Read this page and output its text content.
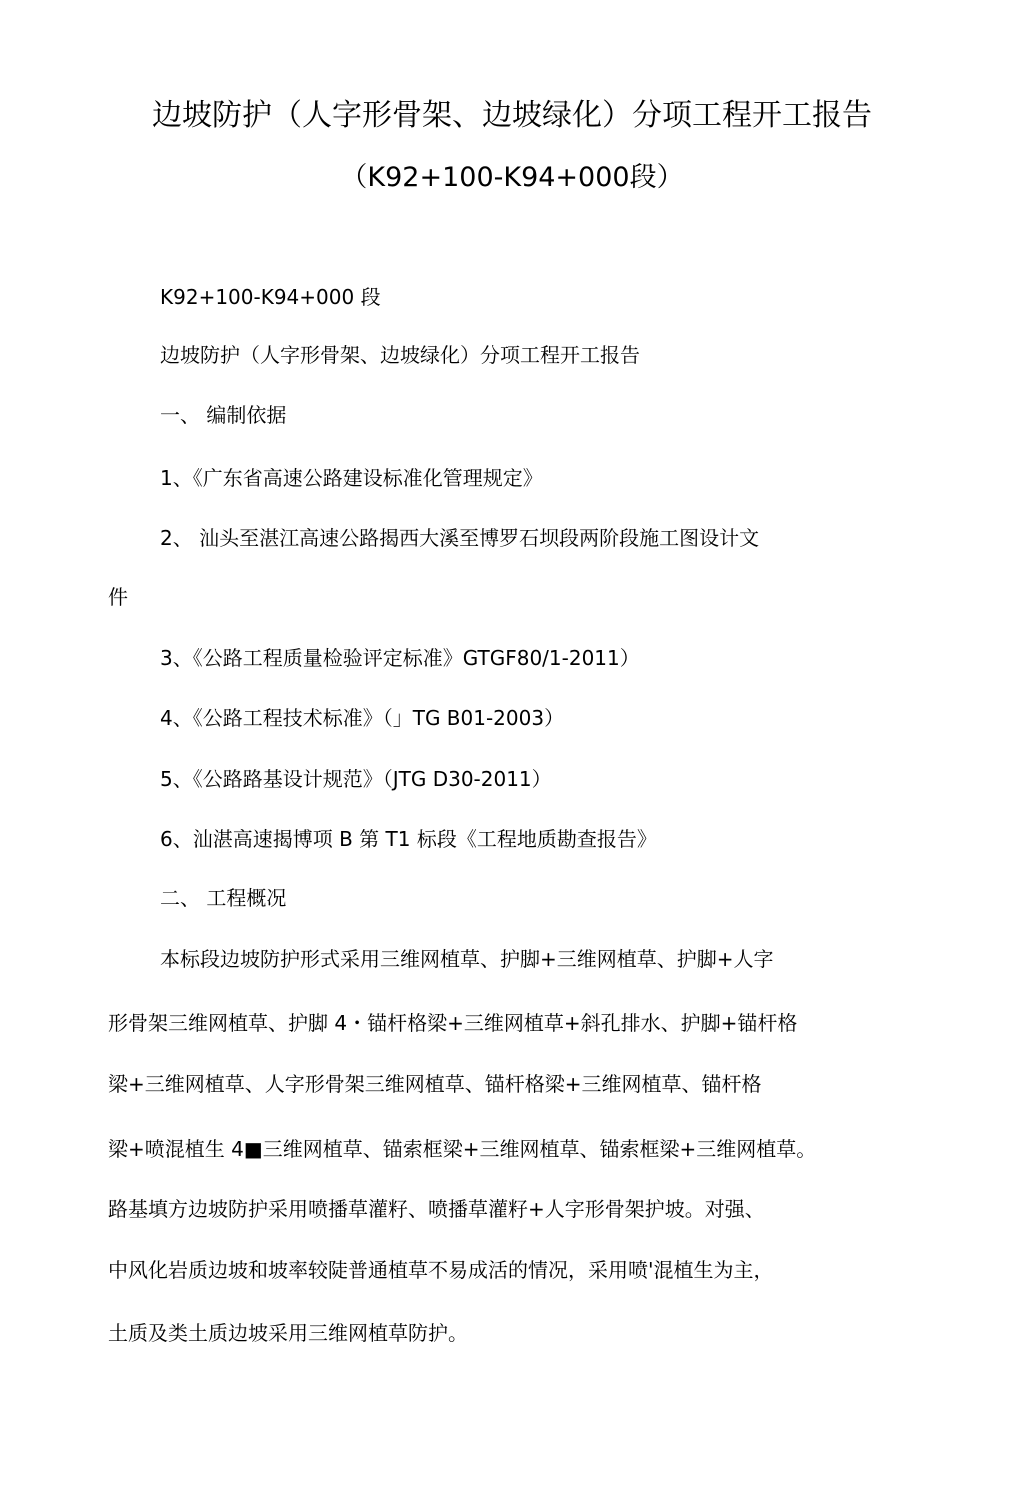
边坡防护（人字形骨架、边坡绿化）分项工程开工报告
（K92+100-K94+000段）
K92+100-K94+000 段
边坡防护（人字形骨架、边坡绿化）分项工程开工报告
一、 编制依据
1、《广东省高速公路建设标准化管理规定》
2、 汕头至湛江高速公路揭西大溪至博罗石坝段两阶段施工图设计文
件
3、《公路工程质量检验评定标准》GTGF80/1-2011）
4、《公路工程技术标准》（」TG B01-2003）
5、《公路路基设计规范》（JTG D30-2011）
6、汕湛高速揭博项 B 第 T1 标段《工程地质勘查报告》
二、 工程概况
本标段边坡防护形式采用三维网植草、护脚+三维网植草、护脚+人字
形骨架三维网植草、护脚 4・锚杆格梁+三维网植草+斜孔排水、护脚+锚杆格
梁+三维网植草、人字形骨架三维网植草、锚杆格梁+三维网植草、锚杆格
梁+喷混植生 4■三维网植草、锚索框梁+三维网植草、锚索框梁+三维网植草。
路基填方边坡防护采用喷播草灌籽、喷播草灌籽+人字形骨架护坡。对强、
中风化岩质边坡和坡率较陡普通植草不易成活的情况，采用喷'混植生为主，
土质及类土质边坡采用三维网植草防护。
